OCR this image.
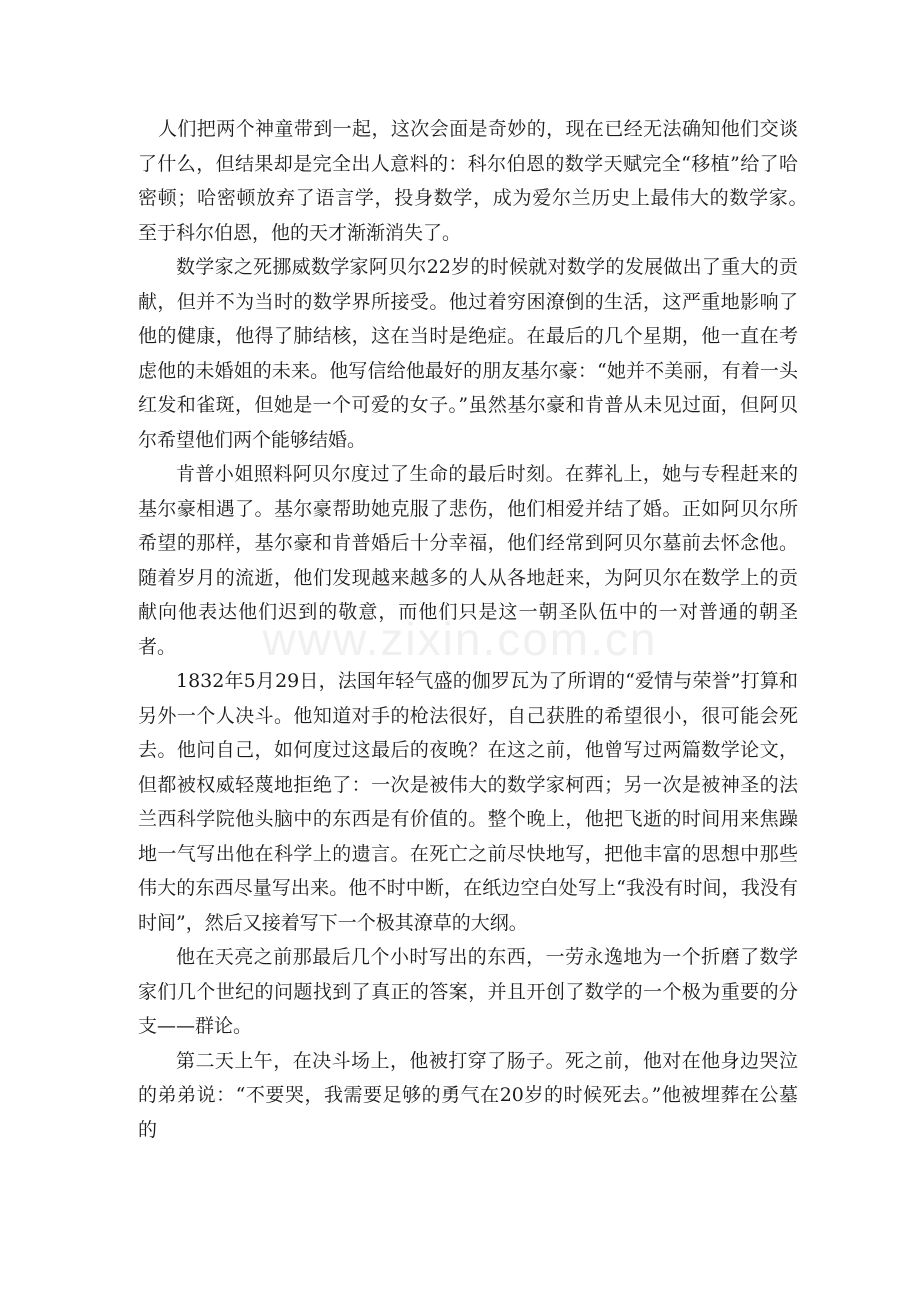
人们把两个神童带到一起，这次会面是奇妙的，现在已经无法确知他们交谈了什么，但结果却是完全出人意料的：科尔伯恩的数学天赋完全“移植”给了哈密顿；哈密顿放弃了语言学，投身数学，成为爱尔兰历史上最伟大的数学家。　至于科尔伯恩，他的天才渐渐消失了。

数学家之死挪威数学家阿贝尔22岁的时候就对数学的发展做出了重大的贡献，但并不为当时的数学界所接受。他过着穷困潦倒的生活，这严重地影响了他的健康，他得了肺结核，这在当时是绝症。在最后的几个星期，他一直在考虑他的未婚姐的未来。他写信给他最好的朋友基尔豪：“她并不美丽，有着一头红发和雀斑，但她是一个可爱的女子。”虽然基尔豪和肯普从未见过面，但阿贝尔希望他们两个能够结婚。

肯普小姐照料阿贝尔度过了生命的最后时刻。在葬礼上，她与专程赶来的基尔豪相遇了。基尔豪帮助她克服了悲伤，他们相爱并结了婚。正如阿贝尔所希望的那样，基尔豪和肯普婚后十分幸福，他们经常到阿贝尔墓前去怀念他。随着岁月的流逝，他们发现越来越多的人从各地赶来，为阿贝尔在数学上的贡献向他表达他们迟到的敬意，而他们只是这一朝圣队伍中的一对普通的朝圣者。

1832年5月29日，法国年轻气盛的伽罗瓦为了所谓的“爱情与荣誉”打算和另外一个人决斗。他知道对手的枪法很好，自己获胜的希望很小，很可能会死去。他问自己，如何度过这最后的夜晚？在这之前，他曾写过两篇数学论文，但都被权威轻蔑地拒绝了：一次是被伟大的数学家柯西；另一次是被神圣的法兰西科学院他头脑中的东西是有价值的。整个晚上，他把飞逝的时间用来焦躁地一气写出他在科学上的遗言。在死亡之前尽快地写，把他丰富的思想中那些伟大的东西尽量写出来。他不时中断，在纸边空白处写上“我没有时间，我没有时间”，然后又接着写下一个极其潦草的大纲。

他在天亮之前那最后几个小时写出的东西，一劳永逸地为一个折磨了数学家们几个世纪的问题找到了真正的答案，并且开创了数学的一个极为重要的分支——群论。

第二天上午，在决斗场上，他被打穿了肠子。死之前，他对在他身边哭泣的弟弟说：“不要哭，我需要足够的勇气在20岁的时候死去。”他被埋葬在公墓的

www.zixin.com.cn
